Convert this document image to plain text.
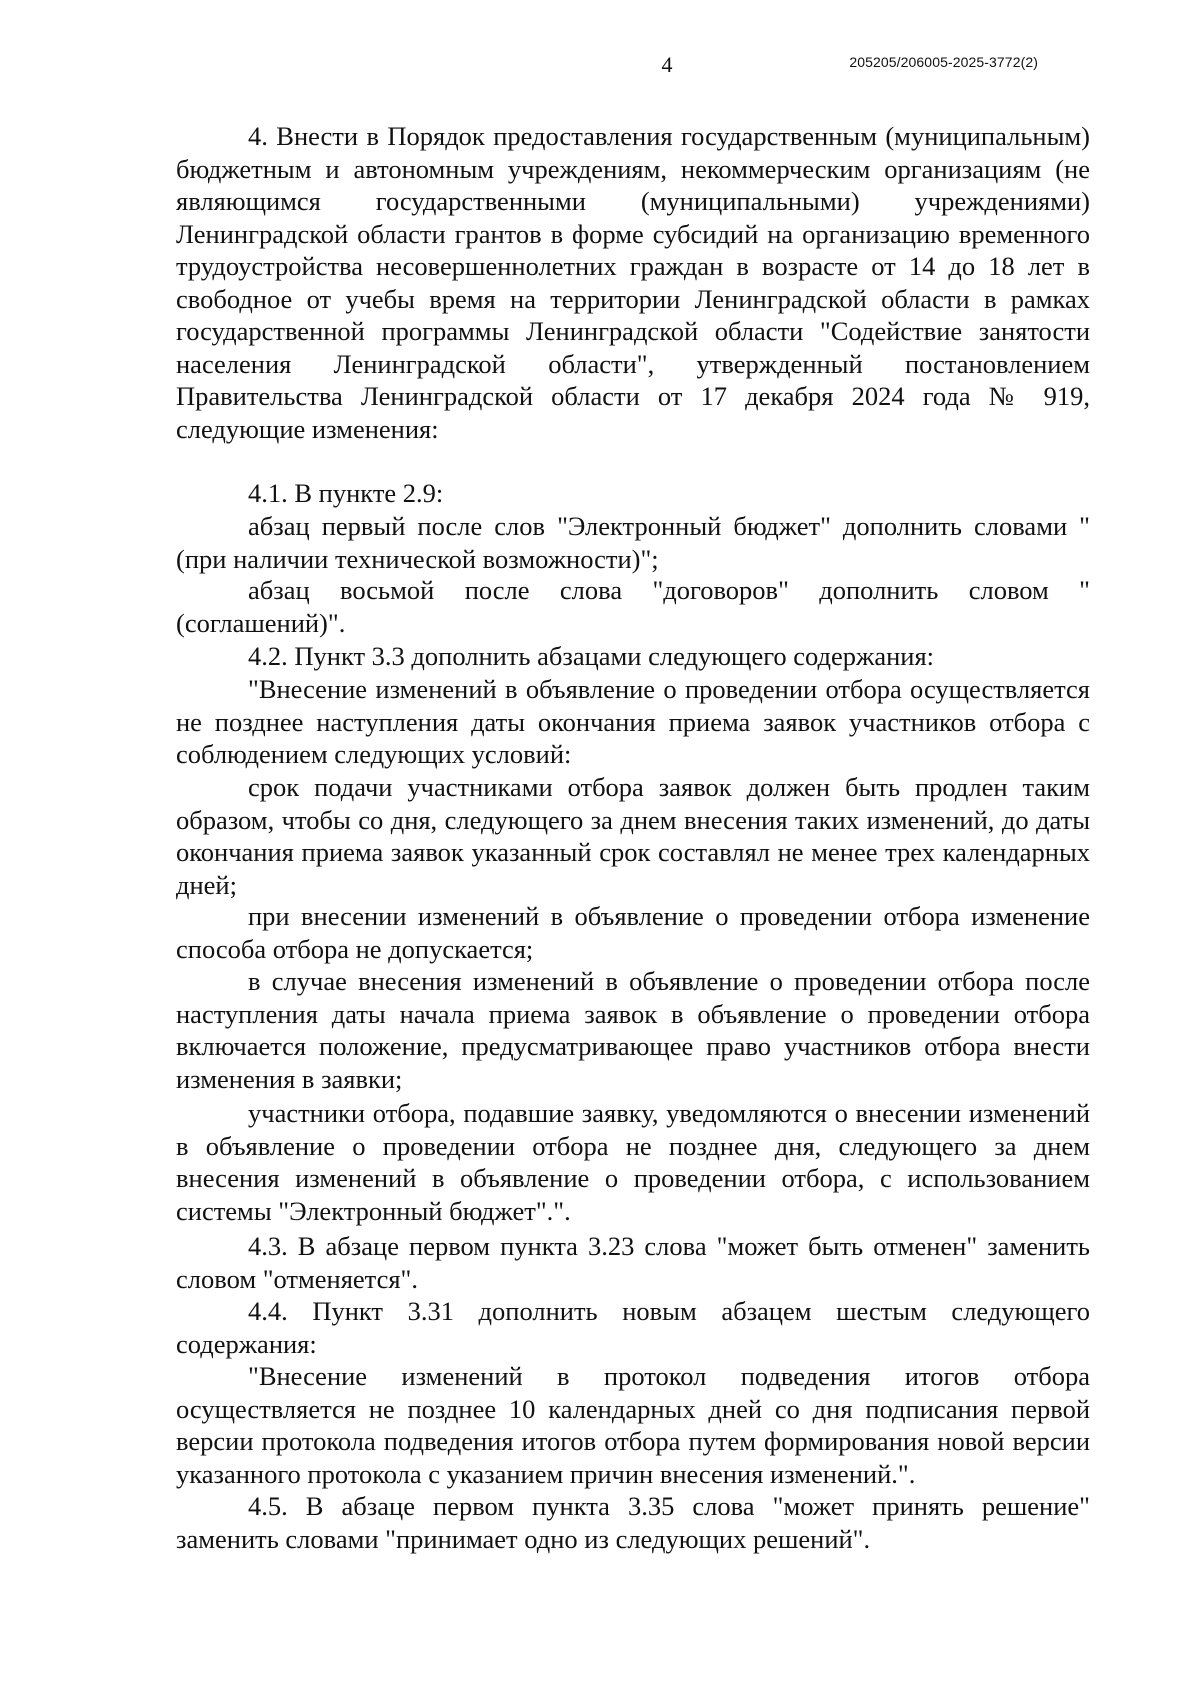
4	205205/206005-2025-3772(2)

4. Внести в Порядок предоставления государственным (муниципальным) бюджетным и автономным учреждениям, некоммерческим организациям (не являющимся государственными (муниципальными) учреждениями) Ленинградской области грантов в форме субсидий на организацию временного трудоустройства несовершеннолетних граждан в возрасте от 14 до 18 лет в свободное от учебы время на территории Ленинградской области в рамках государственной программы Ленинградской области "Содействие занятости населения Ленинградской области", утвержденный постановлением Правительства Ленинградской области от 17 декабря 2024 года № 919, следующие изменения:

4.1. В пункте 2.9:

абзац первый после слов "Электронный бюджет" дополнить словами "(при наличии технической возможности)";

абзац восьмой после слова "договоров" дополнить словом "(соглашений)".

4.2. Пункт 3.3 дополнить абзацами следующего содержания:

"Внесение изменений в объявление о проведении отбора осуществляется не позднее наступления даты окончания приема заявок участников отбора с соблюдением следующих условий:

срок подачи участниками отбора заявок должен быть продлен таким образом, чтобы со дня, следующего за днем внесения таких изменений, до даты окончания приема заявок указанный срок составлял не менее трех календарных дней;

при внесении изменений в объявление о проведении отбора изменение способа отбора не допускается;

в случае внесения изменений в объявление о проведении отбора после наступления даты начала приема заявок в объявление о проведении отбора включается положение, предусматривающее право участников отбора внести изменения в заявки;

участники отбора, подавшие заявку, уведомляются о внесении изменений в объявление о проведении отбора не позднее дня, следующего за днем внесения изменений в объявление о проведении отбора, с использованием системы "Электронный бюджет".".

4.3. В абзаце первом пункта 3.23 слова "может быть отменен" заменить словом "отменяется".

4.4. Пункт 3.31 дополнить новым абзацем шестым следующего содержания:

"Внесение изменений в протокол подведения итогов отбора осуществляется не позднее 10 календарных дней со дня подписания первой версии протокола подведения итогов отбора путем формирования новой версии указанного протокола с указанием причин внесения изменений.".

4.5. В абзаце первом пункта 3.35 слова "может принять решение" заменить словами "принимает одно из следующих решений".
